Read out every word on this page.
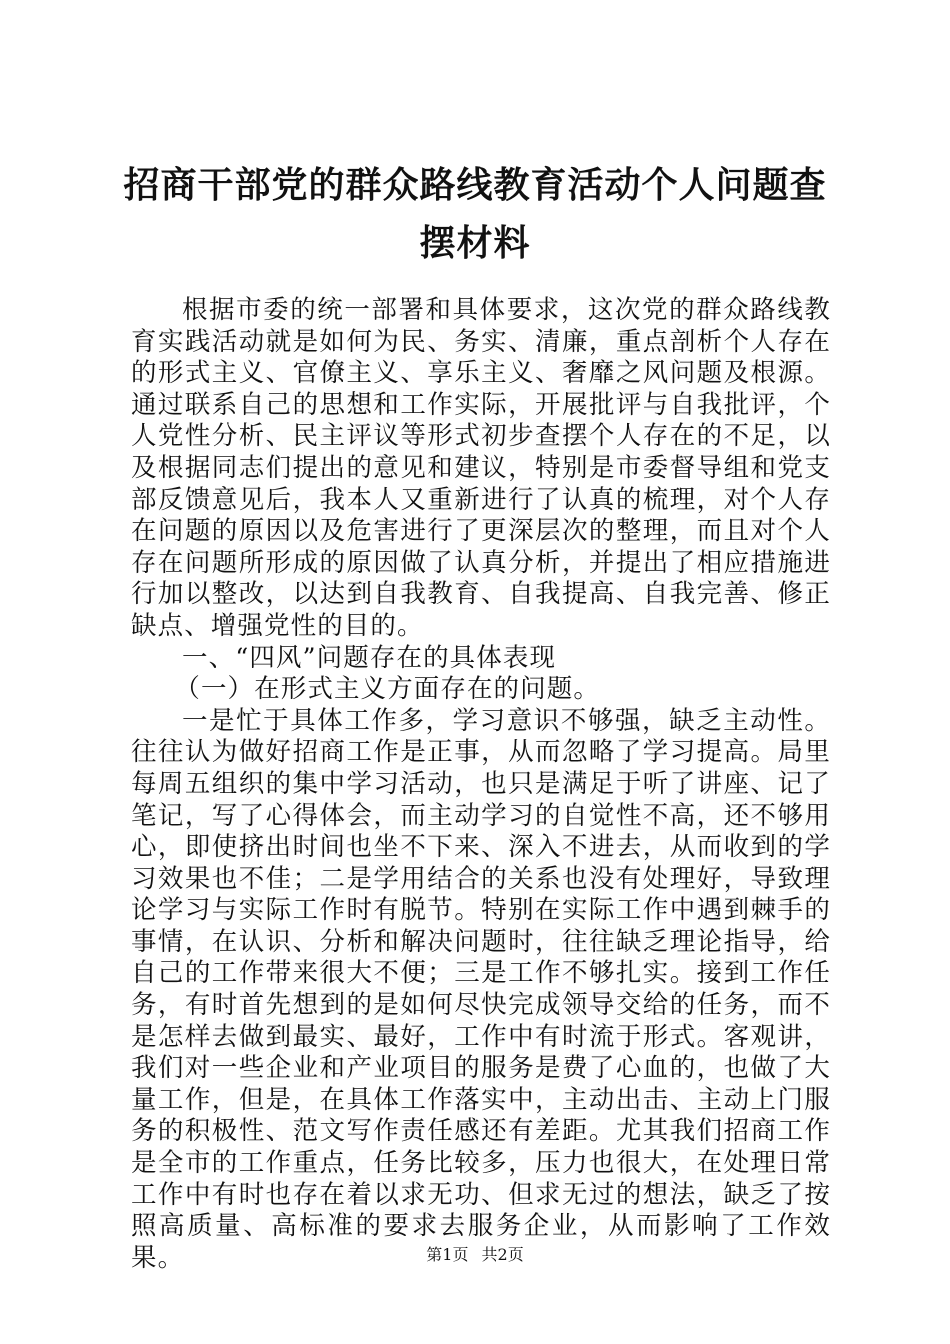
招商干部党的群众路线教育活动个人问题查摆材料

根据市委的统一部署和具体要求，这次党的群众路线教育实践活动就是如何为民、务实、清廉，重点剖析个人存在的形式主义、官僚主义、享乐主义、奢靡之风问题及根源。通过联系自己的思想和工作实际，开展批评与自我批评，个人党性分析、民主评议等形式初步查摆个人存在的不足，以及根据同志们提出的意见和建议，特别是市委督导组和党支部反馈意见后，我本人又重新进行了认真的梳理，对个人存在问题的原因以及危害进行了更深层次的整理，而且对个人存在问题所形成的原因做了认真分析，并提出了相应措施进行加以整改，以达到自我教育、自我提高、自我完善、修正缺点、增强党性的目的。

一、“四风”问题存在的具体表现

（一）在形式主义方面存在的问题。

一是忙于具体工作多，学习意识不够强，缺乏主动性。往往认为做好招商工作是正事，从而忽略了学习提高。局里每周五组织的集中学习活动，也只是满足于听了讲座、记了笔记，写了心得体会，而主动学习的自觉性不高，还不够用心，即使挤出时间也坐不下来、深入不进去，从而收到的学习效果也不佳；二是学用结合的关系也没有处理好，导致理论学习与实际工作时有脱节。特别在实际工作中遇到棘手的事情，在认识、分析和解决问题时，往往缺乏理论指导，给自己的工作带来很大不便；三是工作不够扎实。接到工作任务，有时首先想到的是如何尽快完成领导交给的任务，而不是怎样去做到最实、最好，工作中有时流于形式。客观讲，我们对一些企业和产业项目的服务是费了心血的，也做了大量工作，但是，在具体工作落实中，主动出击、主动上门服务的积极性、范文写作责任感还有差距。尤其我们招商工作是全市的工作重点，任务比较多，压力也很大，在处理日常工作中有时也存在着以求无功、但求无过的想法，缺乏了按照高质量、高标准的要求去服务企业，从而影响了工作效果。	第1页 共2页
